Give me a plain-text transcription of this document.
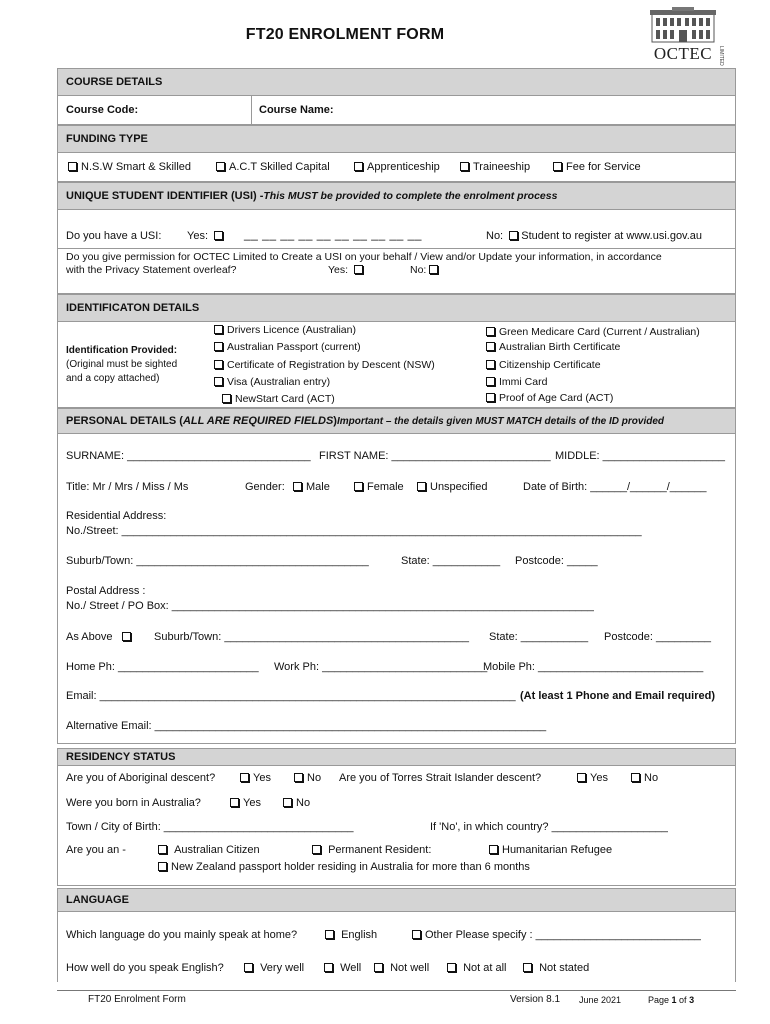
FT20 ENROLMENT FORM
OCTEC	LIMITED
COURSE DETAILS
Course Code:	Course Name:
FUNDING TYPE
N.S.W Smart & Skilled	A.C.T Skilled Capital	Apprenticeship	Traineeship	Fee for Service
UNIQUE STUDENT IDENTIFIER (USI) - This MUST be provided to complete the enrolment process
Do you have a USI: Yes:	__ __ __ __ __ __ __ __ __ __	No: Student to register at www.usi.gov.au
Do you give permission for OCTEC Limited to Create a USI on your behalf / View and/or Update your information, in accordance
with the Privacy Statement overleaf?	Yes:	No:
IDENTIFICATON DETAILS
Identification Provided:
(Original must be sighted
and a copy attached)
Drivers Licence (Australian)
Australian Passport (current)
Certificate of Registration by Descent (NSW)
Visa (Australian entry)
NewStart Card (ACT)
Green Medicare Card (Current / Australian)
Australian Birth Certificate
Citizenship Certificate
Immi Card
Proof of Age Card (ACT)
PERSONAL DETAILS ( ALL ARE REQUIRED FIELDS ) Important – the details given MUST MATCH details of the ID provided
SURNAME: ______________________________ FIRST NAME: __________________________ MIDDLE: ____________________
Title: Mr / Mrs / Miss / Ms	Gender:	Male	Female	Unspecified	Date of Birth: ______/______/______
Residential Address:
No./Street: _____________________________________________________________________________________
Suburb/Town: ______________________________________	State: ___________ Postcode: _____
Postal Address :
No./ Street / PO Box: _____________________________________________________________________
As Above	Suburb/Town: ________________________________________ State: ___________ Postcode: _________
Home Ph: _______________________ Work Ph: ___________________________
Mobile Ph: ___________________________
Email: ____________________________________________________________________ (At least 1 Phone and Email required)
Alternative Email: ________________________________________________________________
RESIDENCY STATUS
Are you of Aboriginal descent?	Yes	No Are you of Torres Strait Islander descent?	Yes	No
Were you born in Australia?	Yes	No
Town / City of Birth: _______________________________	If 'No', in which country? ___________________
Are you an -	Australian Citizen	Permanent Resident:	Humanitarian Refugee
New Zealand passport holder residing in Australia for more than 6 months
LANGUAGE
Which language do you mainly speak at home?	English	Other Please specify : ___________________________
How well do you speak English?	Very well	Well	Not well	Not at all	Not stated
FT20 Enrolment Form	Version 8.1 June 2021	Page 1 of 3
